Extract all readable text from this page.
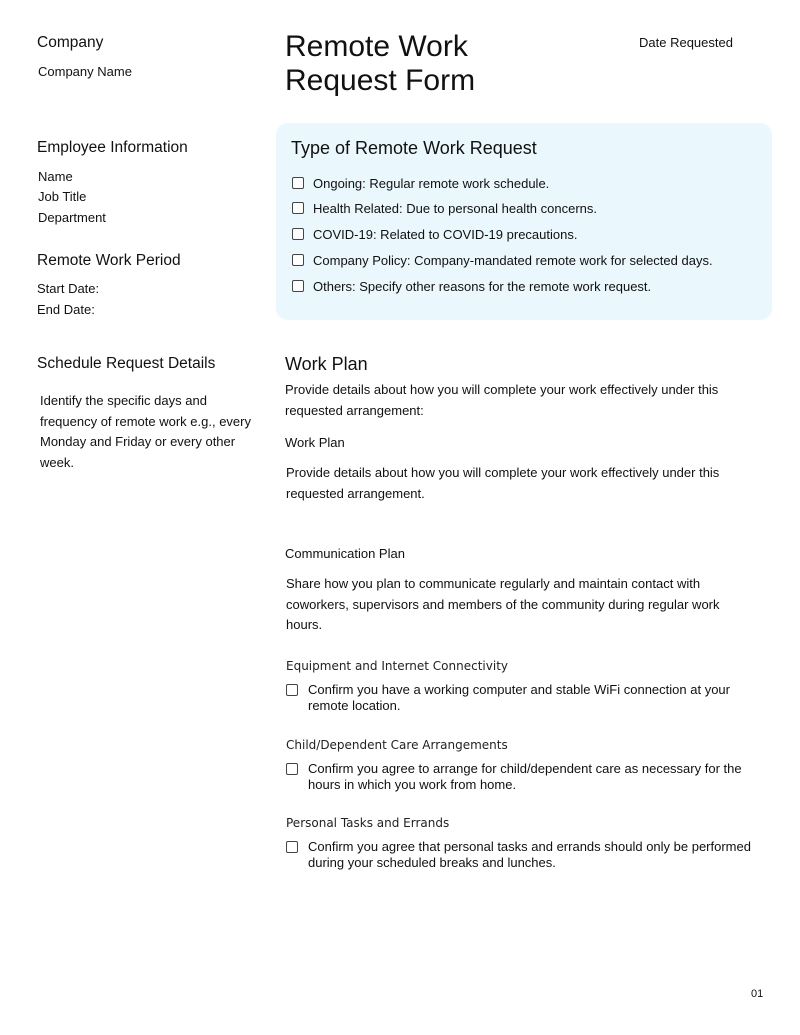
Company
Company Name
Remote Work
Request Form
Date Requested
Employee Information
Name
Job Title
Department
Remote Work Period
Start Date:
End Date:
Schedule Request Details
Identify the specific days and frequency of remote work e.g., every Monday and Friday or every other week.
Type of Remote Work Request
Ongoing: Regular remote work schedule.
Health Related: Due to personal health concerns.
COVID-19: Related to COVID-19 precautions.
Company Policy: Company-mandated remote work for selected days.
Others: Specify other reasons for the remote work request.
Work Plan
Provide details about how you will complete your work effectively under this requested arrangement:
Work Plan
Provide details about how you will complete your work effectively under this requested arrangement.
Communication Plan
Share how you plan to communicate regularly and maintain contact with coworkers, supervisors and members of the community during regular work hours.
Equipment and Internet Connectivity
Confirm you have a working computer and stable WiFi connection at your remote location.
Child/Dependent Care Arrangements
Confirm you agree to arrange for child/dependent care as necessary for the hours in which you work from home.
Personal Tasks and Errands
Confirm you agree that personal tasks and errands should only be performed during your scheduled breaks and lunches.
01
